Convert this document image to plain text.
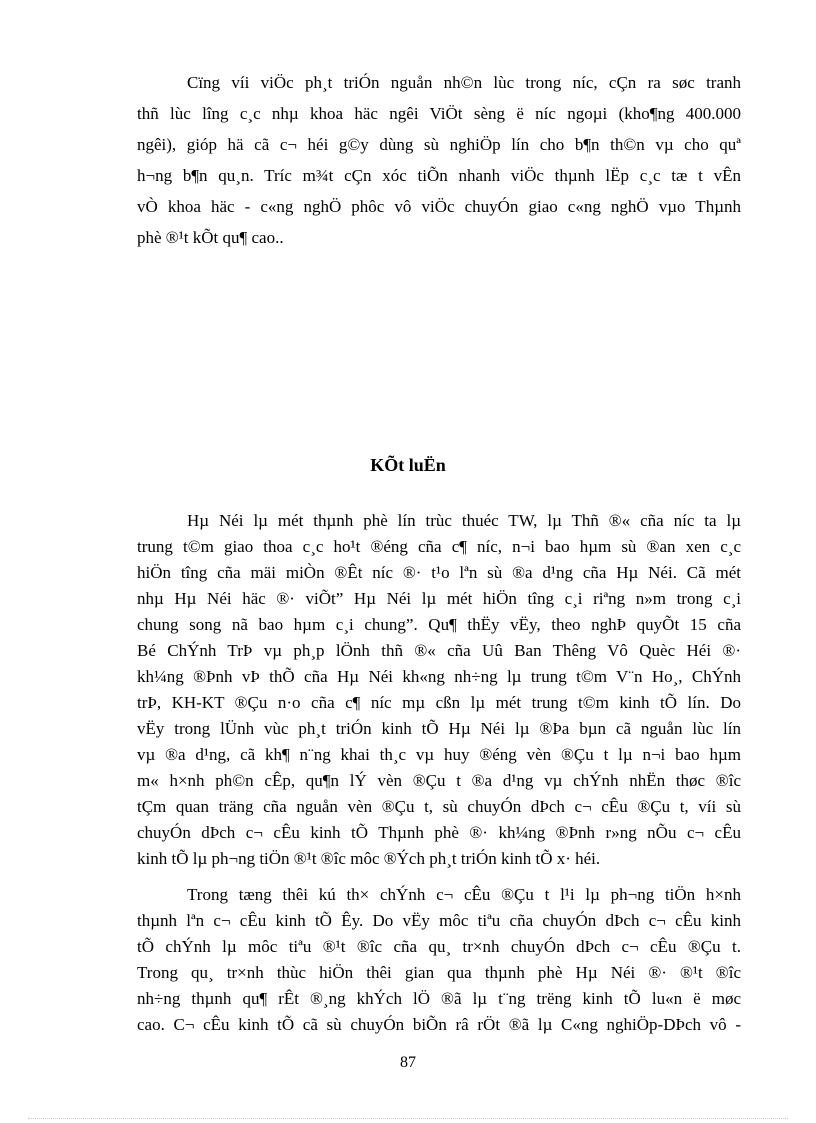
Cïng víi viÖc ph¸t triÓn nguån nh©n lùc trong níc, cÇn ra søc tranh
thñ lùc lîng c¸c nhµ khoa häc ngêi ViÖt sèng ë níc ngoµi (kho¶ng 400.000
ngêi), gióp hä cã c¬ héi g©y dùng sù nghiÖp lín cho b¶n th©n vµ cho quª
h¬ng b¶n qu¸n. Tríc m¾t cÇn xóc tiÕn nhanh viÖc thµnh lËp c¸c tæ t vÊn
vÒ khoa häc - c«ng nghÖ phôc vô viÖc chuyÓn giao c«ng nghÖ vµo Thµnh
phè ®¹t kÕt qu¶ cao..
KÕt luËn
Hµ Néi lµ mét thµnh phè lín trùc thuéc TW, lµ Thñ ®« cña níc ta lµ
trung t©m giao thoa c¸c ho¹t ®éng cña c¶ níc, n¬i bao hµm sù ®an xen c¸c
hiÖn tîng cña mäi miÒn ®Êt níc ®· t¹o lªn sù ®a d¹ng cña Hµ Néi. Cã mét
nhµ Hµ Néi häc ®· viÕt” Hµ Néi lµ mét hiÖn tîng c¸i riªng n»m trong c¸i
chung song nã bao hµm c¸i chung”. Qu¶ thËy vËy, theo nghÞ quyÕt 15 cña
Bé ChÝnh TrÞ vµ ph¸p lÖnh thñ ®« cña Uû Ban Thêng Vô Quèc Héi ®·
kh¼ng ®Þnh vÞ thÕ cña Hµ Néi kh«ng nh÷ng lµ trung t©m V¨n Ho¸, ChÝnh
trÞ, KH-KT ®Çu n·o cña c¶ níc mµ cßn lµ mét trung t©m kinh tÕ lín. Do
vËy trong lÜnh vùc ph¸t triÓn kinh tÕ Hµ Néi lµ ®Þa bµn cã nguån lùc lín
vµ ®a d¹ng, cã kh¶ n¨ng khai th¸c vµ huy ®éng vèn ®Çu t lµ n¬i bao hµm
m« h×nh ph©n cÊp, qu¶n lÝ vèn ®Çu t ®a d¹ng vµ chÝnh nhËn thøc ®îc
tÇm quan träng cña nguån vèn ®Çu t, sù chuyÓn dÞch c¬ cÊu ®Çu t, víi sù
chuyÓn dÞch c¬ cÊu kinh tÕ Thµnh phè ®· kh¼ng ®Þnh r»ng nÕu c¬ cÊu
kinh tÕ lµ ph¬ng tiÖn ®¹t ®îc môc ®Ých ph¸t triÓn kinh tÕ x· héi.
Trong tæng thêi kú th× chÝnh c¬ cÊu ®Çu t l¹i lµ ph¬ng tiÖn h×nh
thµnh lªn c¬ cÊu kinh tÕ Êy. Do vËy môc tiªu cña chuyÓn dÞch c¬ cÊu kinh
tÕ chÝnh lµ môc tiªu ®¹t ®îc cña qu¸ tr×nh chuyÓn dÞch c¬ cÊu ®Çu t.
Trong qu¸ tr×nh thùc hiÖn thêi gian qua thµnh phè Hµ Néi ®· ®¹t ®îc
nh÷ng thµnh qu¶ rÊt ®¸ng khÝch lÖ ®ã lµ t¨ng trëng kinh tÕ lu«n ë møc
cao. C¬ cÊu kinh tÕ cã sù chuyÓn biÕn râ rÖt ®ã lµ C«ng nghiÖp-DÞch vô -
87
